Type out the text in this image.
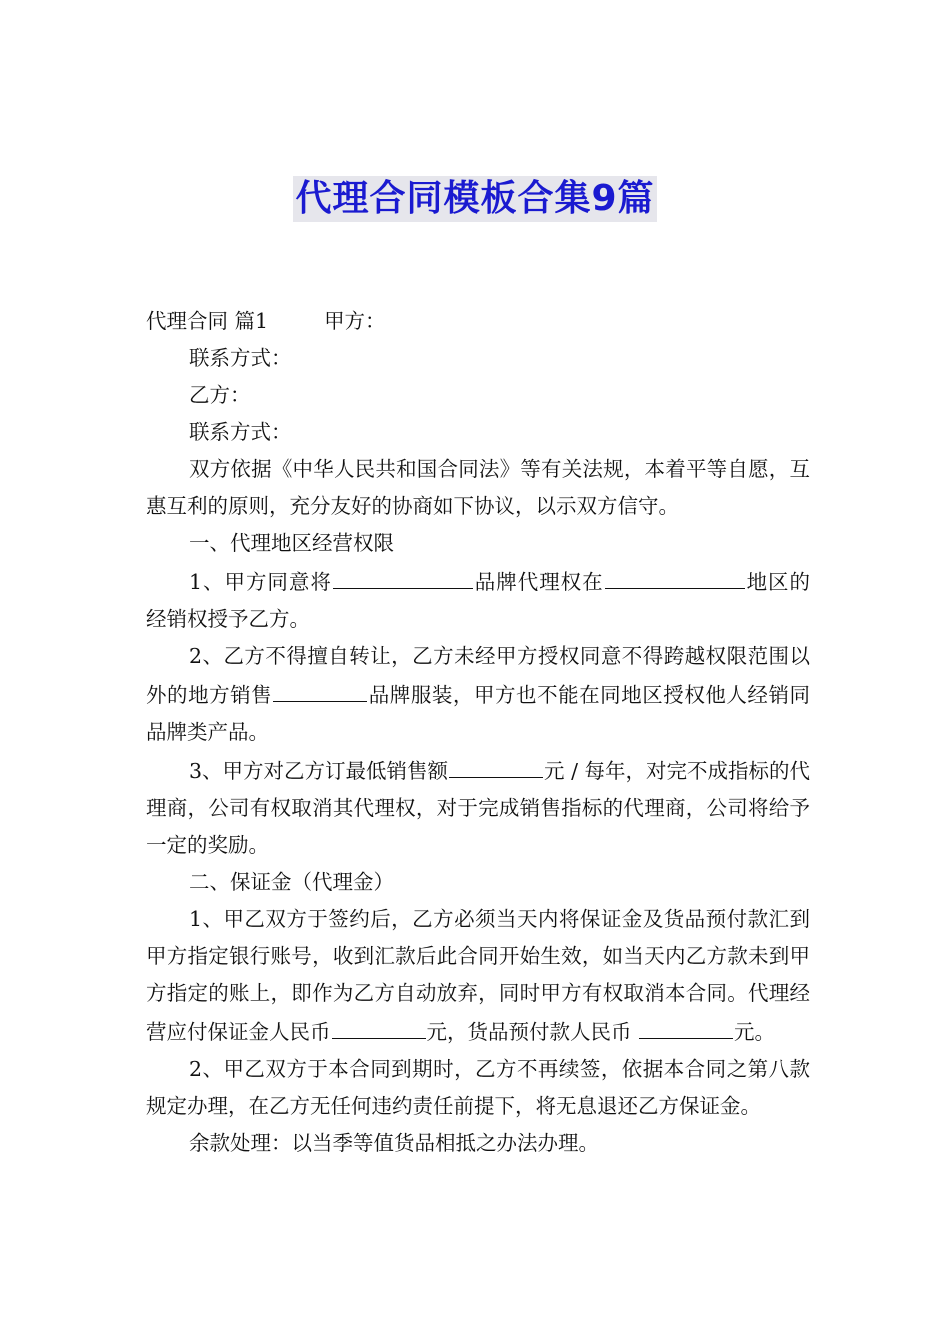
代理合同模板合集9篇

代理合同 篇1	甲方：

联系方式：

乙方：

联系方式：

双方依据《中华人民共和国合同法》等有关法规，本着平等自愿，互惠互利的原则，充分友好的协商如下协议，以示双方信守。

一、代理地区经营权限

1、甲方同意将	品牌代理权在	地区的经销权授予乙方。

2、乙方不得擅自转让，乙方未经甲方授权同意不得跨越权限范围以外的地方销售	品牌服装，甲方也不能在同地区授权他人经销同品牌类产品。

3、甲方对乙方订最低销售额	元 / 每年，对完不成指标的代理商，公司有权取消其代理权，对于完成销售指标的代理商，公司将给予一定的奖励。

二、保证金（代理金）

1、甲乙双方于签约后，乙方必须当天内将保证金及货品预付款汇到甲方指定银行账号，收到汇款后此合同开始生效，如当天内乙方款未到甲方指定的账上，即作为乙方自动放弃，同时甲方有权取消本合同。代理经营应付保证金人民币	元，货品预付款人民币	元。

2、甲乙双方于本合同到期时，乙方不再续签，依据本合同之第八款规定办理，在乙方无任何违约责任前提下，将无息退还乙方保证金。

余款处理：以当季等值货品相抵之办法办理。
